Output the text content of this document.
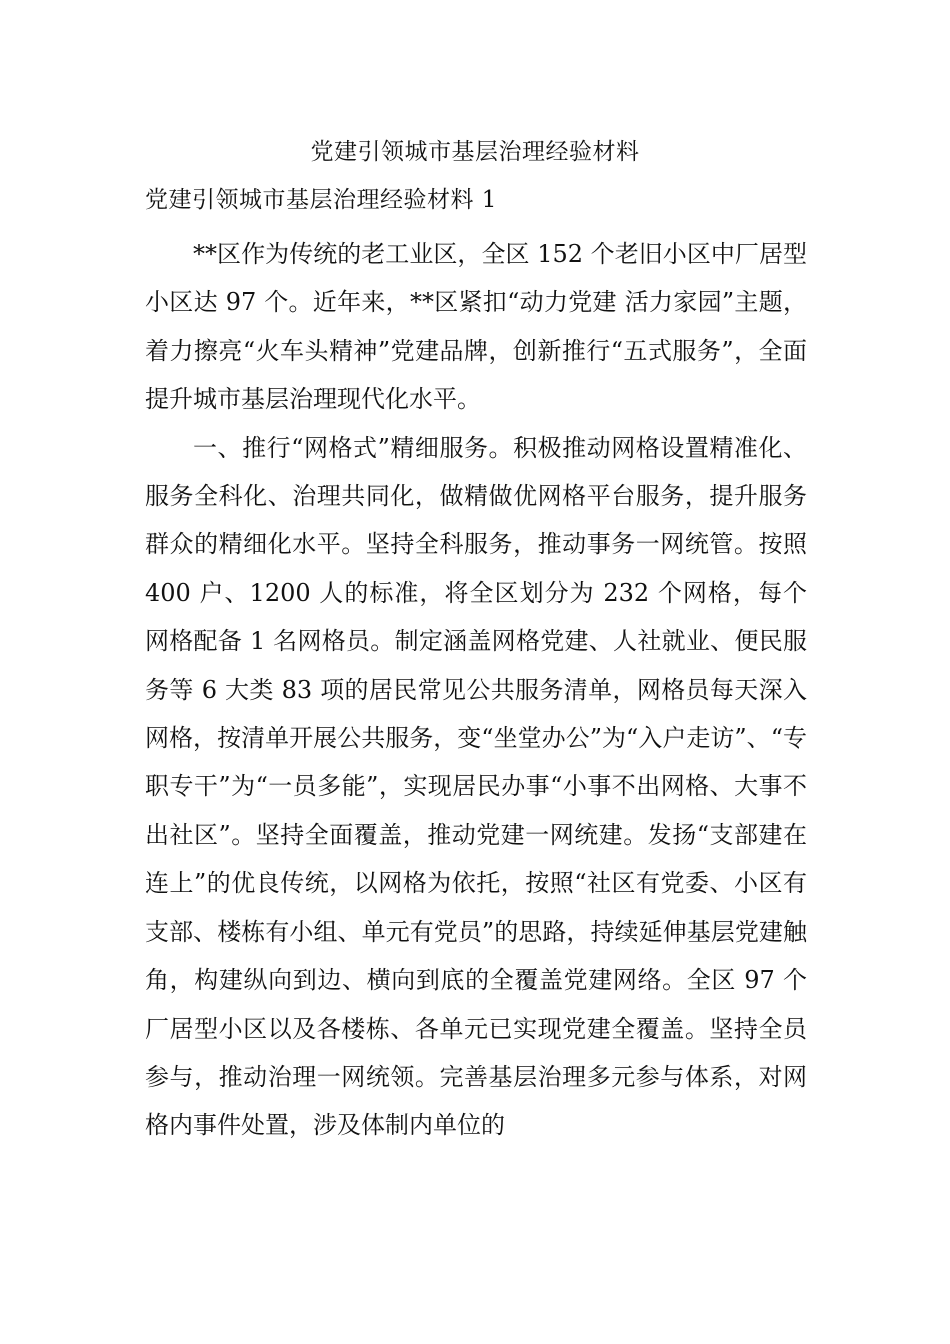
党建引领城市基层治理经验材料
党建引领城市基层治理经验材料 1

**区作为传统的老工业区，全区 152 个老旧小区中厂居型小区达 97 个。近年来，**区紧扣“动力党建 活力家园”主题，着力擦亮“火车头精神”党建品牌，创新推行“五式服务”，全面提升城市基层治理现代化水平。

一、推行“网格式”精细服务。积极推动网格设置精准化、服务全科化、治理共同化，做精做优网格平台服务，提升服务群众的精细化水平。坚持全科服务，推动事务一网统管。按照 400 户、1200 人的标准，将全区划分为 232 个网格，每个网格配备 1 名网格员。制定涵盖网格党建、人社就业、便民服务等 6 大类 83 项的居民常见公共服务清单，网格员每天深入网格，按清单开展公共服务，变“坐堂办公”为“入户走访”、“专职专干”为“一员多能”，实现居民办事“小事不出网格、大事不出社区”。坚持全面覆盖，推动党建一网统建。发扬“支部建在连上”的优良传统，以网格为依托，按照“社区有党委、小区有支部、楼栋有小组、单元有党员”的思路，持续延伸基层党建触角，构建纵向到边、横向到底的全覆盖党建网络。全区 97 个厂居型小区以及各楼栋、各单元已实现党建全覆盖。坚持全员参与，推动治理一网统领。完善基层治理多元参与体系，对网格内事件处置，涉及体制内单位的
